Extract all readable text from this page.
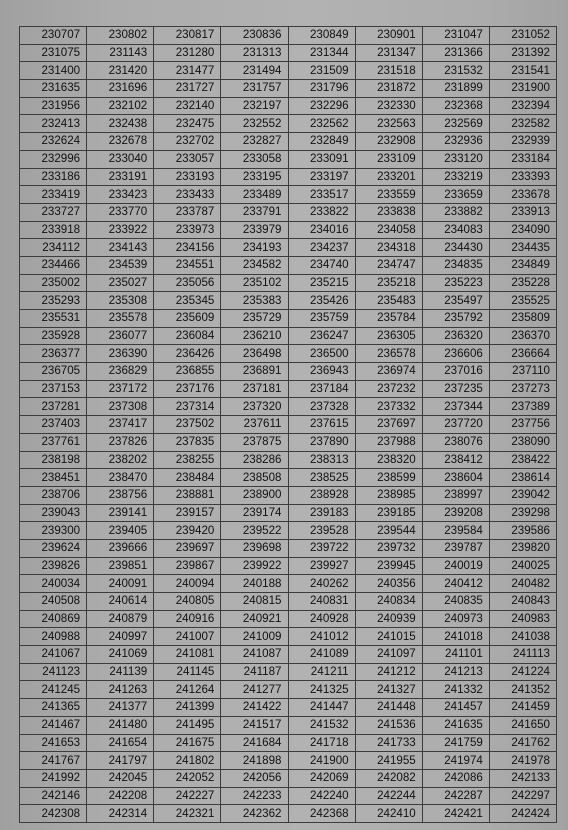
230707	230802	230817	230836	230849	230901	231047	231052
231075	231143	231280	231313	231344	231347	231366	231392
231400	231420	231477	231494	231509	231518	231532	231541
231635	231696	231727	231757	231796	231872	231899	231900
231956	232102	232140	232197	232296	232330	232368	232394
232413	232438	232475	232552	232562	232563	232569	232582
232624	232678	232702	232827	232849	232908	232936	232939
232996	233040	233057	233058	233091	233109	233120	233184
233186	233191	233193	233195	233197	233201	233219	233393
233419	233423	233433	233489	233517	233559	233659	233678
233727	233770	233787	233791	233822	233838	233882	233913
233918	233922	233973	233979	234016	234058	234083	234090
234112	234143	234156	234193	234237	234318	234430	234435
234466	234539	234551	234582	234740	234747	234835	234849
235002	235027	235056	235102	235215	235218	235223	235228
235293	235308	235345	235383	235426	235483	235497	235525
235531	235578	235609	235729	235759	235784	235792	235809
235928	236077	236084	236210	236247	236305	236320	236370
236377	236390	236426	236498	236500	236578	236606	236664
236705	236829	236855	236891	236943	236974	237016	237110
237153	237172	237176	237181	237184	237232	237235	237273
237281	237308	237314	237320	237328	237332	237344	237389
237403	237417	237502	237611	237615	237697	237720	237756
237761	237826	237835	237875	237890	237988	238076	238090
238198	238202	238255	238286	238313	238320	238412	238422
238451	238470	238484	238508	238525	238599	238604	238614
238706	238756	238881	238900	238928	238985	238997	239042
239043	239141	239157	239174	239183	239185	239208	239298
239300	239405	239420	239522	239528	239544	239584	239586
239624	239666	239697	239698	239722	239732	239787	239820
239826	239851	239867	239922	239927	239945	240019	240025
240034	240091	240094	240188	240262	240356	240412	240482
240508	240614	240805	240815	240831	240834	240835	240843
240869	240879	240916	240921	240928	240939	240973	240983
240988	240997	241007	241009	241012	241015	241018	241038
241067	241069	241081	241087	241089	241097	241101	241113
241123	241139	241145	241187	241211	241212	241213	241224
241245	241263	241264	241277	241325	241327	241332	241352
241365	241377	241399	241422	241447	241448	241457	241459
241467	241480	241495	241517	241532	241536	241635	241650
241653	241654	241675	241684	241718	241733	241759	241762
241767	241797	241802	241898	241900	241955	241974	241978
241992	242045	242052	242056	242069	242082	242086	242133
242146	242208	242227	242233	242240	242244	242287	242297
242308	242314	242321	242362	242368	242410	242421	242424
